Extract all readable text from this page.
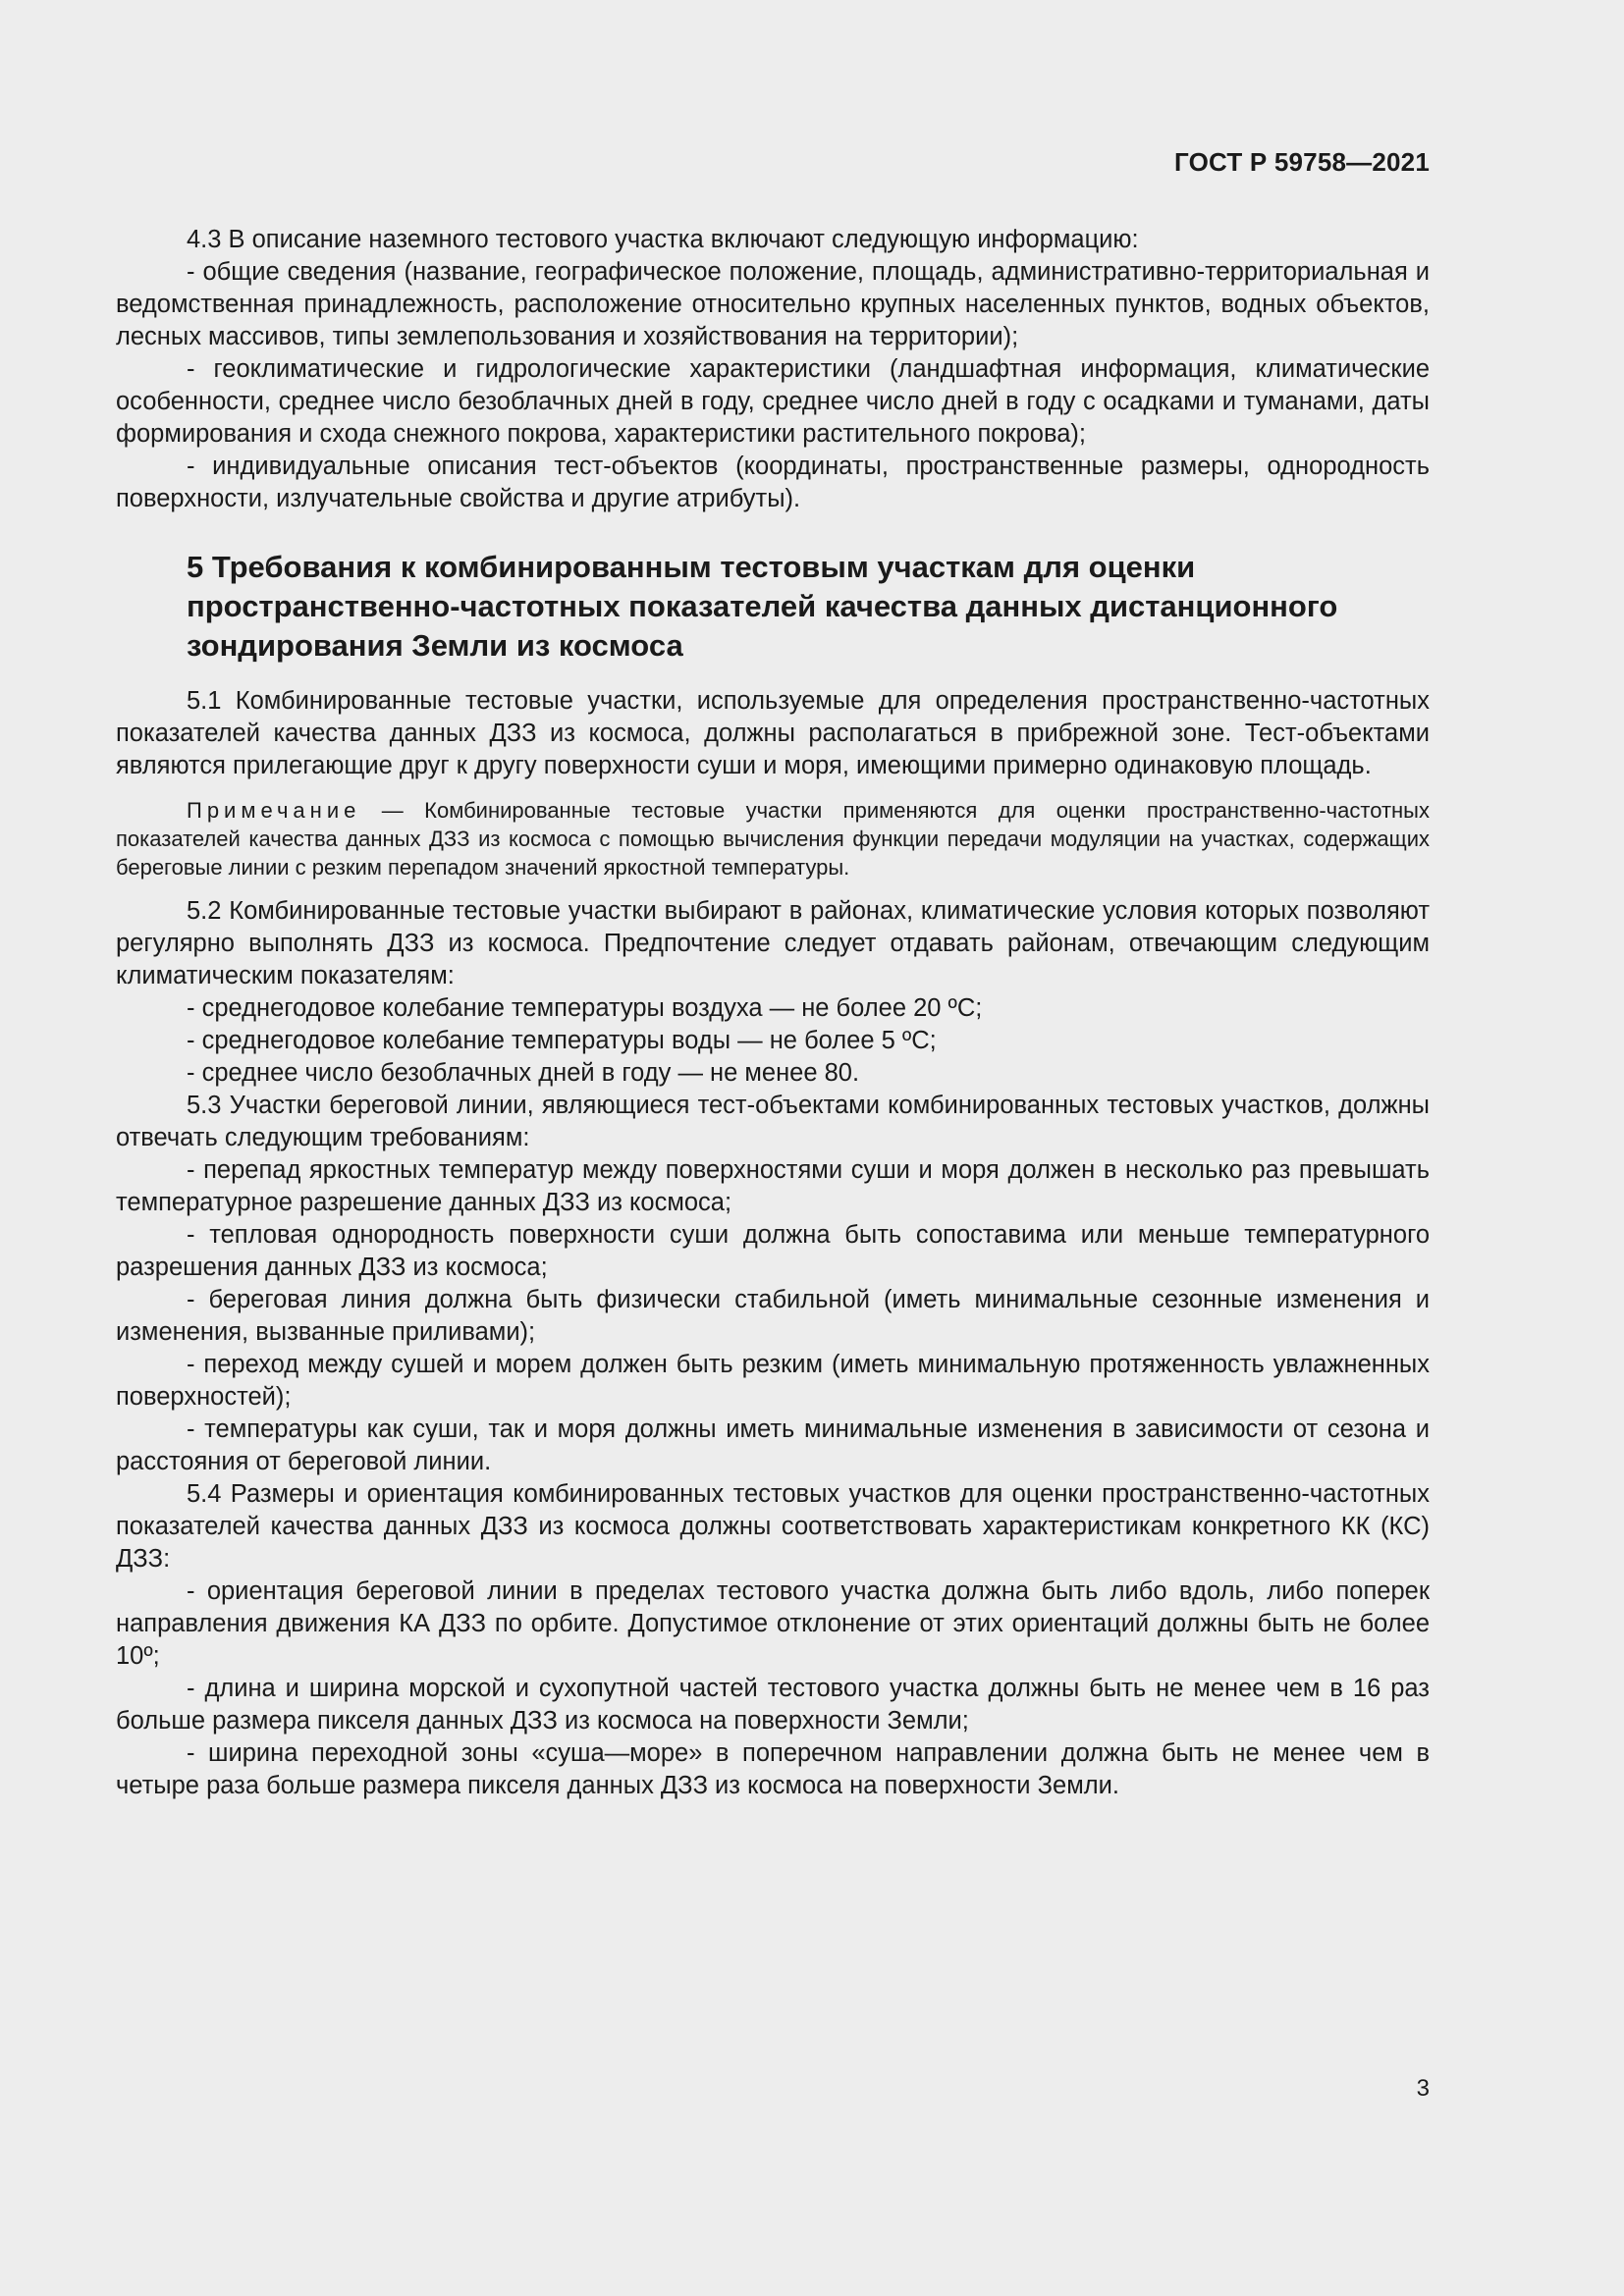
ГОСТ Р 59758—2021

4.3 В описание наземного тестового участка включают следующую информацию:

- общие сведения (название, географическое положение, площадь, административно-территориальная и ведомственная принадлежность, расположение относительно крупных населенных пунктов, водных объектов, лесных массивов, типы землепользования и хозяйствования на территории);

- геоклиматические и гидрологические характеристики (ландшафтная информация, климатические особенности, среднее число безоблачных дней в году, среднее число дней в году с осадками и туманами, даты формирования и схода снежного покрова, характеристики растительного покрова);

- индивидуальные описания тест-объектов (координаты, пространственные размеры, однородность поверхности, излучательные свойства и другие атрибуты).

5 Требования к комбинированным тестовым участкам для оценки пространственно-частотных показателей качества данных дистанционного зондирования Земли из космоса

5.1 Комбинированные тестовые участки, используемые для определения пространственно-частотных показателей качества данных ДЗЗ из космоса, должны располагаться в прибрежной зоне. Тест-объектами являются прилегающие друг к другу поверхности суши и моря, имеющими примерно одинаковую площадь.

Примечание — Комбинированные тестовые участки применяются для оценки пространственно-частотных показателей качества данных ДЗЗ из космоса с помощью вычисления функции передачи модуляции на участках, содержащих береговые линии с резким перепадом значений яркостной температуры.

5.2 Комбинированные тестовые участки выбирают в районах, климатические условия которых позволяют регулярно выполнять ДЗЗ из космоса. Предпочтение следует отдавать районам, отвечающим следующим климатическим показателям:

- среднегодовое колебание температуры воздуха — не более 20 ºС;

- среднегодовое колебание температуры воды — не более 5 ºС;

- среднее число безоблачных дней в году — не менее 80.

5.3 Участки береговой линии, являющиеся тест-объектами комбинированных тестовых участков, должны отвечать следующим требованиям:

- перепад яркостных температур между поверхностями суши и моря должен в несколько раз превышать температурное разрешение данных ДЗЗ из космоса;

- тепловая однородность поверхности суши должна быть сопоставима или меньше температурного разрешения данных ДЗЗ из космоса;

- береговая линия должна быть физически стабильной (иметь минимальные сезонные изменения и изменения, вызванные приливами);

- переход между сушей и морем должен быть резким (иметь минимальную протяженность увлажненных поверхностей);

- температуры как суши, так и моря должны иметь минимальные изменения в зависимости от сезона и расстояния от береговой линии.

5.4 Размеры и ориентация комбинированных тестовых участков для оценки пространственно-частотных показателей качества данных ДЗЗ из космоса должны соответствовать характеристикам конкретного КК (КС) ДЗЗ:

- ориентация береговой линии в пределах тестового участка должна быть либо вдоль, либо поперек направления движения КА ДЗЗ по орбите. Допустимое отклонение от этих ориентаций должны быть не более 10º;

- длина и ширина морской и сухопутной частей тестового участка должны быть не менее чем в 16 раз больше размера пикселя данных ДЗЗ из космоса на поверхности Земли;

- ширина переходной зоны «суша—море» в поперечном направлении должна быть не менее чем в четыре раза больше размера пикселя данных ДЗЗ из космоса на поверхности Земли.

3
